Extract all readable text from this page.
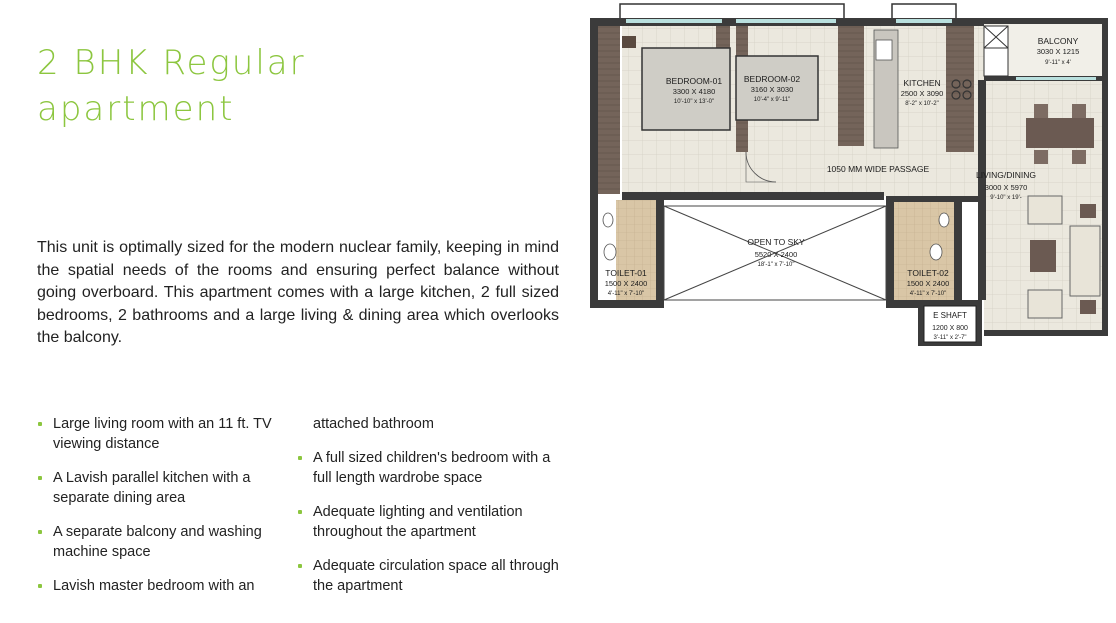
2 BHK Regular
apartment

This unit is optimally sized for the modern nuclear family, keeping in mind the spatial needs of the rooms and ensuring perfect balance without going overboard. This apartment comes with a large kitchen, 2 full sized bedrooms, 2 bathrooms and a large living & dining area which overlooks the balcony.

Large living room with an 11 ft. TV viewing distance
A Lavish parallel kitchen with a separate dining area
A separate balcony and washing machine space
Lavish master bedroom with an
attached bathroom
A full sized children's bedroom with a full length wardrobe space
Adequate lighting and ventilation throughout the apartment
Adequate circulation space all through the apartment
BEDROOM-01
3300 X 4180
10'-10" x 13'-0"
BEDROOM-02
3160 X 3030
10'-4" x 9'-11"
KITCHEN
2500 X 3090
8'-2" x 10'-2"
BALCONY
3030 X 1215
9'-11" x 4'
1050 MM WIDE PASSAGE
LIVING/DINING
3000 X 5970
9'-10" x 19'-
OPEN TO SKY
5520 X 2400
18'-1" x 7'-10"
TOILET-01
1500 X 2400
4'-11" x 7'-10"
TOILET-02
1500 X 2400
4'-11" x 7'-10"
E SHAFT
1200 X 800
3'-11" x 2'-7"
